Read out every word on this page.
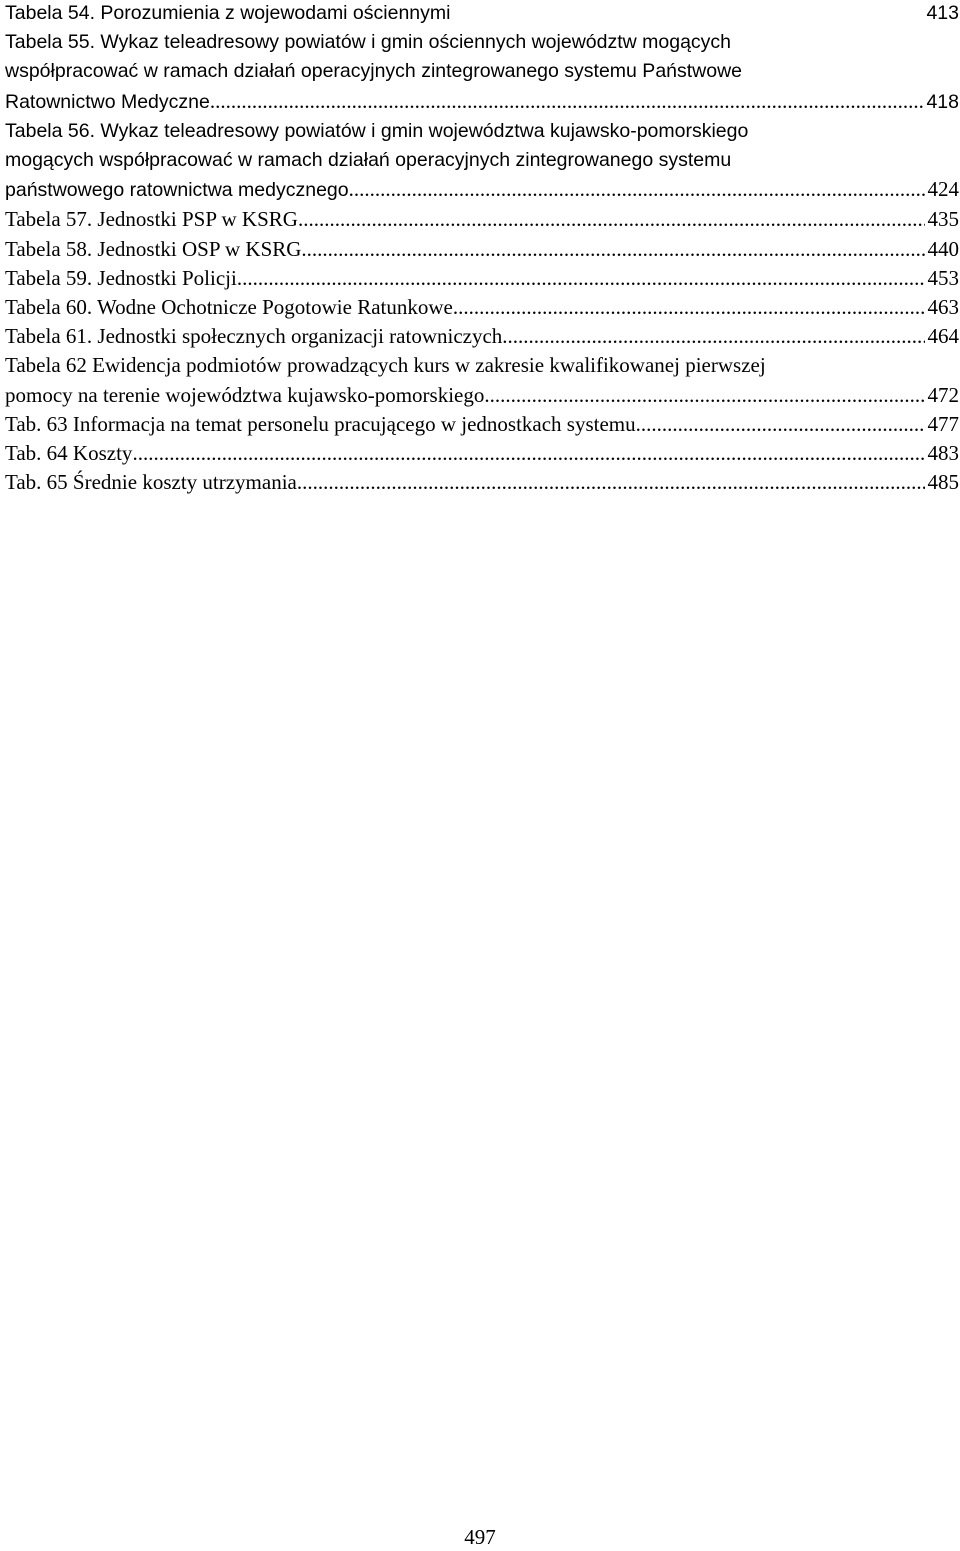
Tabela 54. Porozumienia z wojewodami ościennymi	413
Tabela 55. Wykaz teleadresowy powiatów i gmin ościennych województw mogących
współpracować w ramach działań operacyjnych zintegrowanego systemu Państwowe
Ratownictwo Medyczne .....	418
Tabela 56. Wykaz teleadresowy powiatów i gmin województwa kujawsko-pomorskiego
mogących współpracować w ramach działań operacyjnych zintegrowanego systemu
państwowego ratownictwa medycznego .....	424
Tabela 57. Jednostki PSP w KSRG .....	435
Tabela 58. Jednostki OSP w KSRG .....	440
Tabela 59. Jednostki Policji .....	453
Tabela 60. Wodne Ochotnicze Pogotowie Ratunkowe .....	463
Tabela 61. Jednostki społecznych organizacji ratowniczych .....	464
Tabela 62 Ewidencja podmiotów prowadzących kurs w zakresie kwalifikowanej pierwszej
pomocy na terenie województwa kujawsko-pomorskiego .....	472
Tab. 63 Informacja na temat personelu pracującego w jednostkach systemu .....	477
Tab. 64 Koszty .....	483
Tab. 65 Średnie koszty utrzymania .....	485
497
